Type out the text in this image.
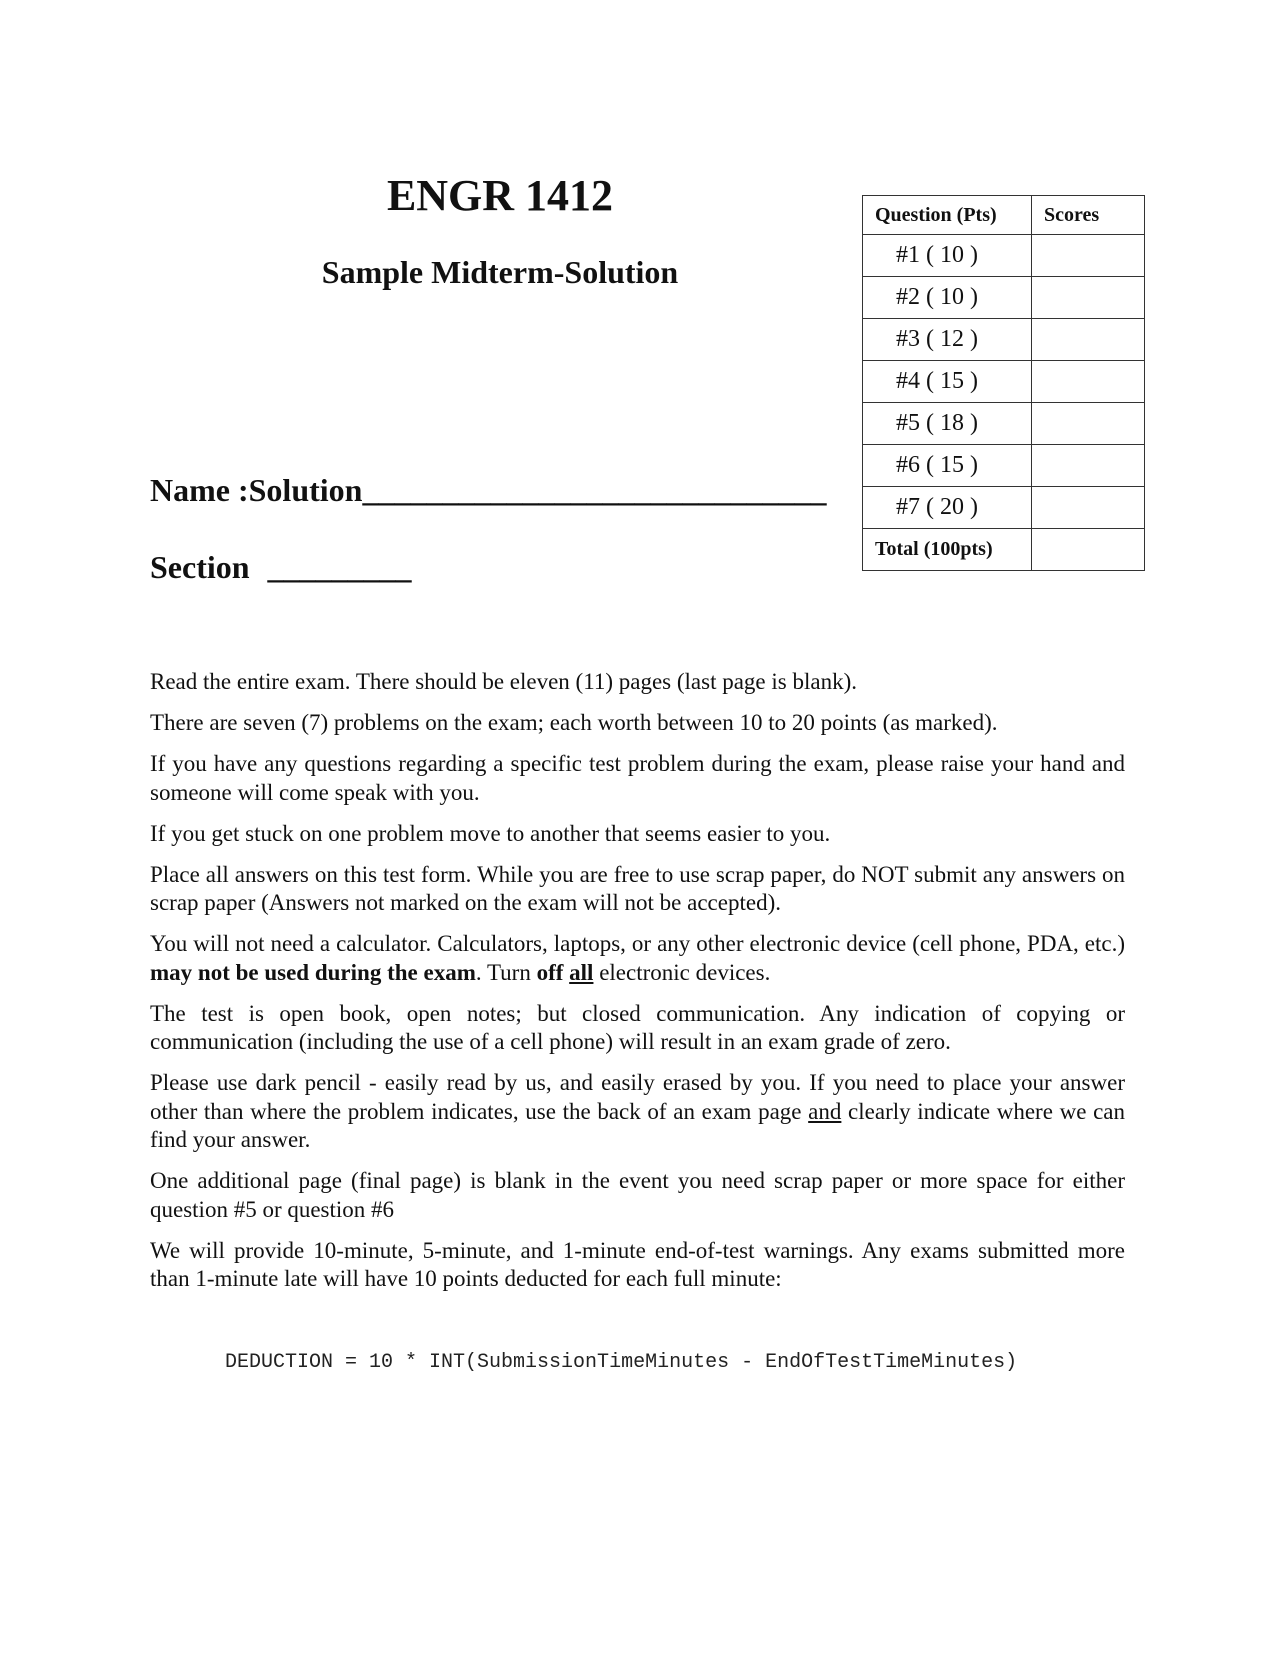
ENGR 1412
Sample Midterm-Solution
Name :Solution_____________________________
Section _________
Question (Pts)	Scores
#1 ( 10 )	
#2 ( 10 )	
#3 ( 12 )	
#4 ( 15 )	
#5 ( 18 )	
#6 ( 15 )	
#7 ( 20 )	
Total (100pts)	

Read the entire exam. There should be eleven (11) pages (last page is blank).

There are seven (7) problems on the exam; each worth between 10 to 20 points (as marked).

If you have any questions regarding a specific test problem during the exam, please raise your hand and someone will come speak with you.

If you get stuck on one problem move to another that seems easier to you.

Place all answers on this test form. While you are free to use scrap paper, do NOT submit any answers on scrap paper (Answers not marked on the exam will not be accepted).

You will not need a calculator. Calculators, laptops, or any other electronic device (cell phone, PDA, etc.) may not be used during the exam. Turn off all electronic devices.

The test is open book, open notes; but closed communication. Any indication of copying or communication (including the use of a cell phone) will result in an exam grade of zero.

Please use dark pencil - easily read by us, and easily erased by you. If you need to place your answer other than where the problem indicates, use the back of an exam page and clearly indicate where we can find your answer.

One additional page (final page) is blank in the event you need scrap paper or more space for either question #5 or question #6

We will provide 10-minute, 5-minute, and 1-minute end-of-test warnings. Any exams submitted more than 1-minute late will have 10 points deducted for each full minute:

DEDUCTION = 10 * INT(SubmissionTimeMinutes - EndOfTestTimeMinutes)
